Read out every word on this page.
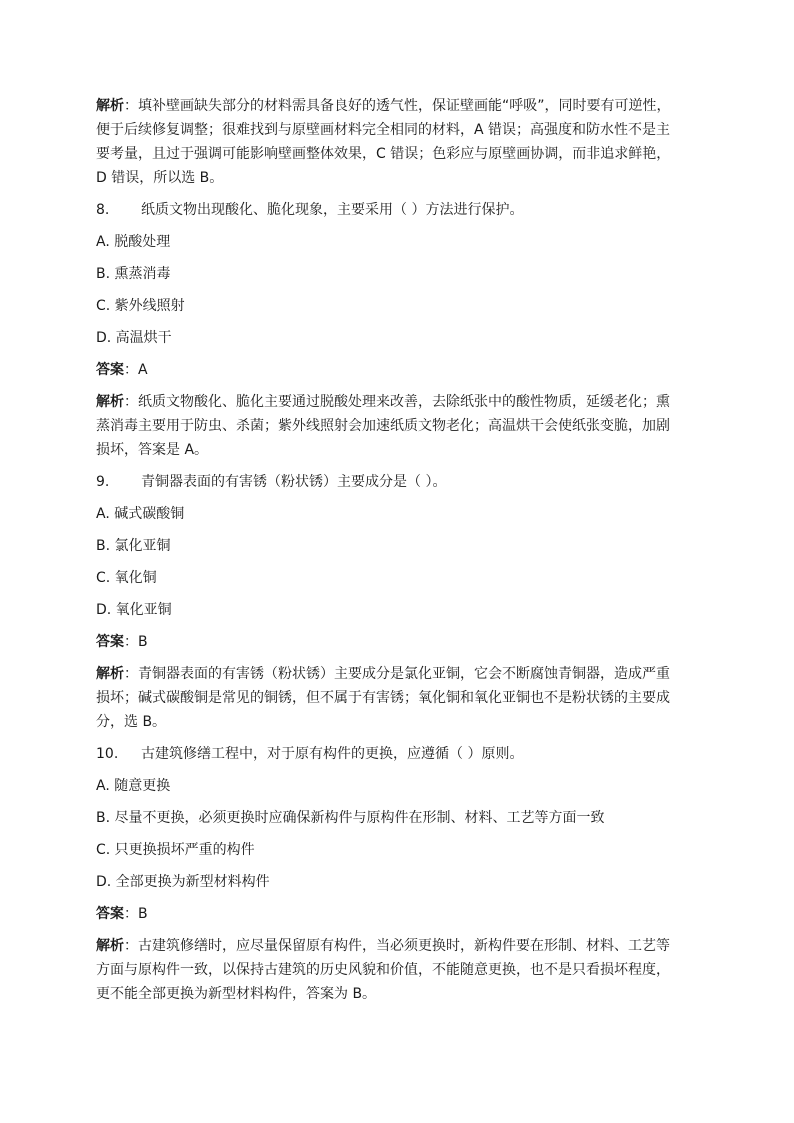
解析：填补壁画缺失部分的材料需具备良好的透气性，保证壁画能“呼吸”，同时要有可逆性，
便于后续修复调整；很难找到与原壁画材料完全相同的材料，A 错误；高强度和防水性不是主
要考量，且过于强调可能影响壁画整体效果，C 错误；色彩应与原壁画协调，而非追求鲜艳，
D 错误，所以选 B。

8. 纸质文物出现酸化、脆化现象，主要采用（ ）方法进行保护。

A. 脱酸处理

B. 熏蒸消毒

C. 紫外线照射

D. 高温烘干

答案：A

解析：纸质文物酸化、脆化主要通过脱酸处理来改善，去除纸张中的酸性物质，延缓老化；熏
蒸消毒主要用于防虫、杀菌；紫外线照射会加速纸质文物老化；高温烘干会使纸张变脆，加剧
损坏，答案是 A。

9. 青铜器表面的有害锈（粉状锈）主要成分是（ ）。

A. 碱式碳酸铜

B. 氯化亚铜

C. 氧化铜

D. 氧化亚铜

答案：B

解析：青铜器表面的有害锈（粉状锈）主要成分是氯化亚铜，它会不断腐蚀青铜器，造成严重
损坏；碱式碳酸铜是常见的铜锈，但不属于有害锈；氧化铜和氧化亚铜也不是粉状锈的主要成
分，选 B。

10. 古建筑修缮工程中，对于原有构件的更换，应遵循（ ）原则。

A. 随意更换

B. 尽量不更换，必须更换时应确保新构件与原构件在形制、材料、工艺等方面一致

C. 只更换损坏严重的构件

D. 全部更换为新型材料构件

答案：B

解析：古建筑修缮时，应尽量保留原有构件，当必须更换时，新构件要在形制、材料、工艺等
方面与原构件一致，以保持古建筑的历史风貌和价值，不能随意更换，也不是只看损坏程度，
更不能全部更换为新型材料构件，答案为 B。
